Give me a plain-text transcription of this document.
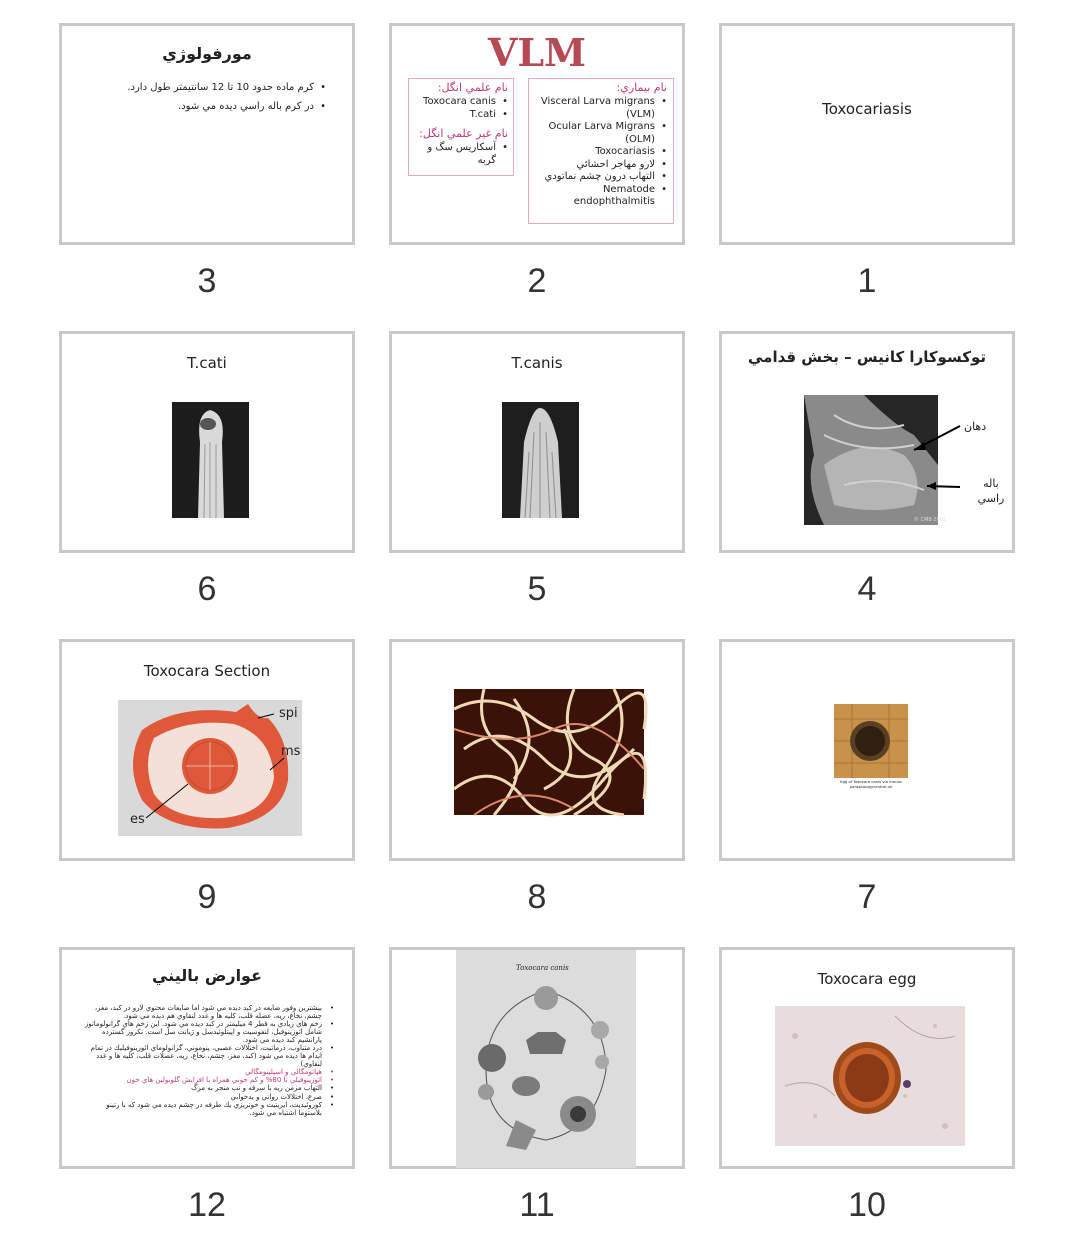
مورفولوژي
• كرم ماده حدود 10 تا 12 سانتيمتر طول دارد.
• در كرم باله راسي ديده مي شود.
3
VLM
نام بيماري:
• Visceral Larva migrans (VLM)
• Ocular Larva Migrans (OLM)
• Toxocariasis
• لارو مهاجر احشائي
• التهاب درون چشم نماتودي
• Nematode endophthalmitis
نام علمي انگل:
• Toxocara canis
• T.cati
نام غير علمي انگل:
• آسكاريس سگ و گربه
2
Toxocariasis
1
T.cati
6
T.canis
5
توكسوكارا كانيس – بخش قدامي
© CMB 2001
دهان
باله راسي
4
Toxocara Section
spi
ms
es
9	8
Egg of Toxocara canis via mouse parasitologycentral.uk
7
عوارض باليني
• بيشترين وفور ضايعه در كبد ديده مي شود اما ضايعات محتوي لارو در كبد، مغز، چشم، نخاع، ريه، عضله قلب، كليه ها و غدد لنفاوي هم ديده مي شود.
• زخم هاي زيادي به قطر 4 ميليمتر در كبد ديده مي شود. اين زخم هاي گرانولوماتوز شامل ائوزينوفيل، لنفوسيت و اپيتلوئيدسل و ژيانت سل است. نكروز گسترده پارانشيم كبد ديده مي شود.
• درد متناوب، درماتيت، اختلالات عصبي، پنوموني، گرانولوماي ائوزينوفيليك در تمام اندام ها ديده مي شود (كبد، مغز، چشم، نخاع، ريه، عضلات قلب، كليه ها و غدد لنفاوي)
• هپاتومگالي و اسپلينومگالي
• ائوزينوفيلي تا 80% و كم خوني همراه با افزايش گلوبولين هاي خون
• التهاب مزمن ريه با سرفه و تب منجر به مرگ
• صرع، اختلالات رواني و بدخوابي
• كوروئيديت، ايريتيت و خونريزي يك طرفه در چشم ديده مي شود كه با رتينو بلاستوما اشتباه مي شود.
12
Toxocara canis
11
Toxocara egg
10
